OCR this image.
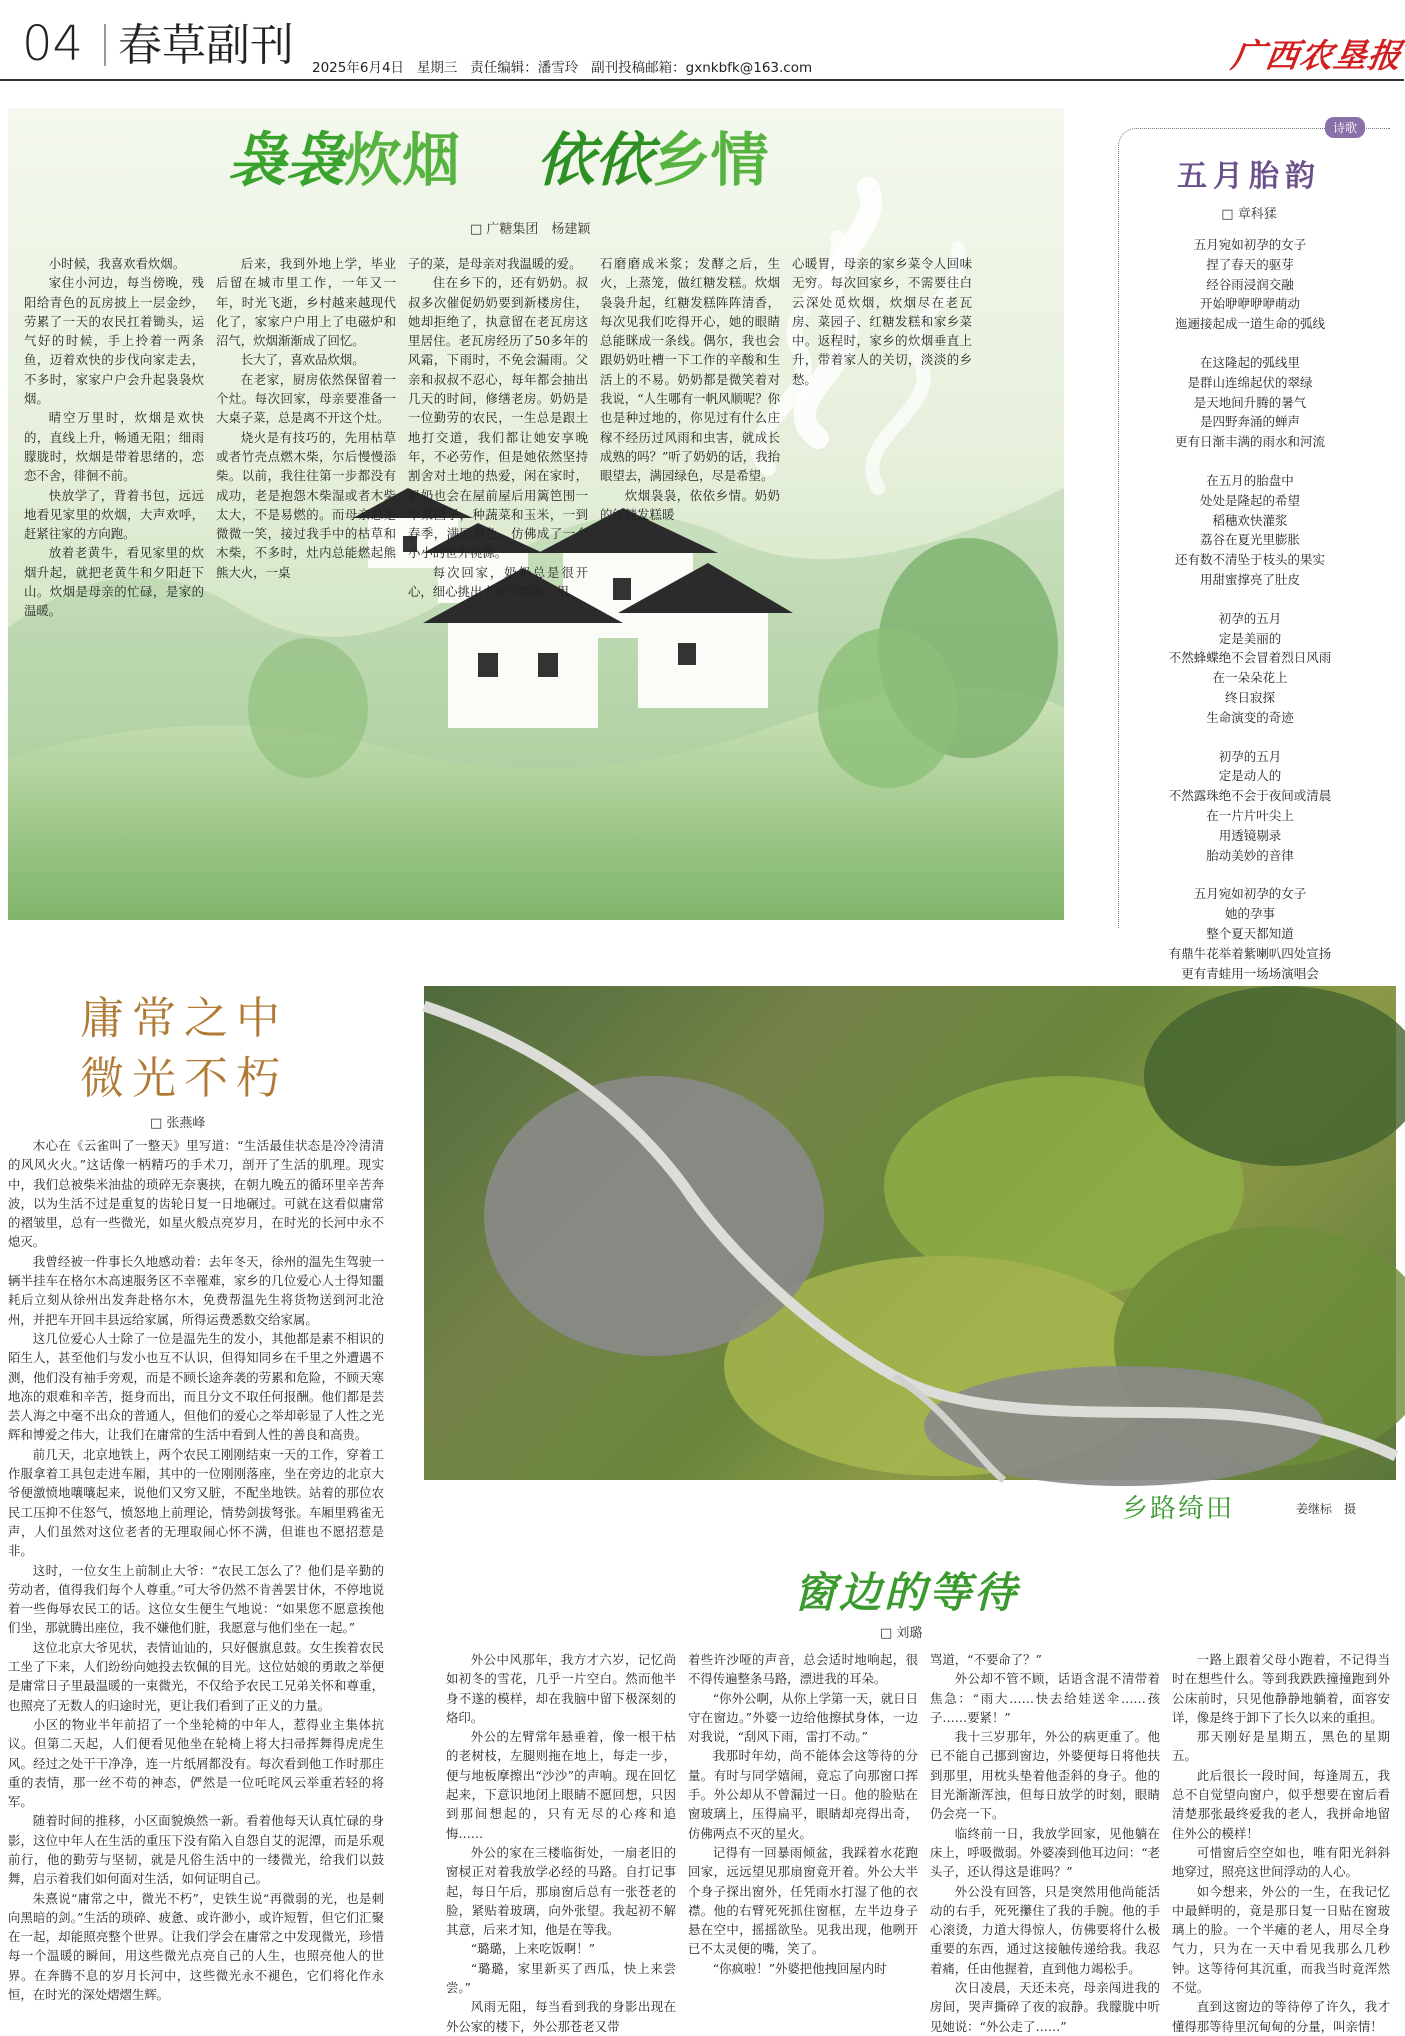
04 春草副刊 2025年6月4日 星期三 责任编辑：潘雪玲 副刊投稿邮箱：gxnkbfk@163.com	广西农垦报
袅袅炊烟 依依乡情
□ 广糖集团　杨建颖

小时候，我喜欢看炊烟。

家住小河边，每当傍晚，残阳给青色的瓦房披上一层金纱，劳累了一天的农民扛着锄头，运气好的时候，手上拎着一两条鱼，迈着欢快的步伐向家走去，不多时，家家户户会升起袅袅炊烟。

晴空万里时，炊烟是欢快的，直线上升，畅通无阻；细雨朦胧时，炊烟是带着思绪的，恋恋不舍，徘徊不前。

快放学了，背着书包，远远地看见家里的炊烟，大声欢呼，赶紧往家的方向跑。

放着老黄牛，看见家里的炊烟升起，就把老黄牛和夕阳赶下山。炊烟是母亲的忙碌，是家的温暖。

后来，我到外地上学，毕业后留在城市里工作，一年又一年，时光飞逝，乡村越来越现代化了，家家户户用上了电磁炉和沼气，炊烟渐渐成了回忆。

长大了，喜欢品炊烟。

在老家，厨房依然保留着一个灶。每次回家，母亲要准备一大桌子菜，总是离不开这个灶。

烧火是有技巧的，先用枯草或者竹壳点燃木柴，尔后慢慢添柴。以前，我往往第一步都没有成功，老是抱怨木柴湿或者木柴太大，不是易燃的。而母亲总是微微一笑，接过我手中的枯草和木柴，不多时，灶内总能燃起熊熊大火，一桌

子的菜，是母亲对我温暖的爱。

住在乡下的，还有奶奶。叔叔多次催促奶奶要到新楼房住，她却拒绝了，执意留在老瓦房这里居住。老瓦房经历了50多年的风霜，下雨时，不免会漏雨。父亲和叔叔不忍心，每年都会抽出几天的时间，修缮老房。奶奶是一位勤劳的农民，一生总是跟土地打交道，我们都让她安享晚年，不必劳作，但是她依然坚持割舍对土地的热爱，闲在家时，奶奶也会在屋前屋后用篱笆围一个菜园子，种蔬菜和玉米，一到春季，满园春色，仿佛成了一个小小的世外桃源。

每次回家，奶奶总是很开心，细心挑出上好的糯米，用

石磨磨成米浆；发酵之后，生火，上蒸笼，做红糖发糕。炊烟袅袅升起，红糖发糕阵阵清香，每次见我们吃得开心，她的眼睛总能眯成一条线。偶尔，我也会跟奶奶吐槽一下工作的辛酸和生活上的不易。奶奶都是微笑着对我说，“人生哪有一帆风顺呢？你也是种过地的，你见过有什么庄稼不经历过风雨和虫害，就成长成熟的吗？”听了奶奶的话，我抬眼望去，满园绿色，尽是希望。

炊烟袅袅，依依乡情。奶奶的红糖发糕暖

心暖胃，母亲的家乡菜令人回味无穷。每次回家乡，不需要往白云深处觅炊烟，炊烟尽在老瓦房、菜园子、红糖发糕和家乡菜中。返程时，家乡的炊烟垂直上升，带着家人的关切，淡淡的乡愁。

诗歌
五月胎韵
□ 章科猱

五月宛如初孕的女子

捏了春天的驱芽

经谷雨浸润交融

开始咿咿咿咿萌动

迤逦接起成一道生命的弧线

在这隆起的弧线里

是群山连绵起伏的翠绿

是天地间升腾的暑气

是四野奔涌的蝉声

更有日渐丰满的雨水和河流

在五月的胎盘中

处处是隆起的希望

稻穗欢快灌浆

荔谷在夏光里膨胀

还有数不清坠于枝头的果实

用甜蜜撑亮了肚皮

初孕的五月

定是美丽的

不然蜂蝶绝不会冒着烈日风雨

在一朵朵花上

终日寂探

生命演变的奇迹

初孕的五月

定是动人的

不然露珠绝不会于夜间或清晨

在一片片叶尖上

用透镜剔录

胎动美妙的音律

五月宛如初孕的女子

她的孕事

整个夏天都知道

有鼎牛花举着紫喇叭四处宣扬

更有青蛙用一场场演唱会

庸常之中
微光不朽
□ 张燕峰

木心在《云雀叫了一整天》里写道：“生活最佳状态是冷冷清清的风风火火。”这话像一柄精巧的手术刀，剖开了生活的肌理。现实中，我们总被柴米油盐的琐碎无奈裹挟，在朝九晚五的循环里辛苦奔波，以为生活不过是重复的齿轮日复一日地碾过。可就在这看似庸常的褶皱里，总有一些微光，如星火般点亮岁月，在时光的长河中永不熄灭。

我曾经被一件事长久地感动着：去年冬天，徐州的温先生驾驶一辆半挂车在格尔木高速服务区不幸罹难，家乡的几位爱心人士得知噩耗后立刻从徐州出发奔赴格尔木，免费帮温先生将货物送到河北沧州，并把车开回丰县远给家属，所得运费悉数交给家属。

这几位爱心人士除了一位是温先生的发小，其他都是素不相识的陌生人，甚至他们与发小也互不认识，但得知同乡在千里之外遭遇不测，他们没有袖手旁观，而是不顾长途奔袭的劳累和危险，不顾天寒地冻的艰难和辛苦，挺身而出，而且分文不取任何报酬。他们都是芸芸人海之中毫不出众的普通人，但他们的爱心之举却彰显了人性之光辉和博爱之伟大，让我们在庸常的生活中看到人性的善良和高贵。

前几天，北京地铁上，两个农民工刚刚结束一天的工作，穿着工作服拿着工具包走进车厢，其中的一位刚刚落座，坐在旁边的北京大爷便激愤地嚷嚷起来，说他们又穷又脏，不配坐地铁。站着的那位农民工压抑不住怒气，愤怒地上前理论，情势剑拔弩张。车厢里鸦雀无声，人们虽然对这位老者的无理取闹心怀不满，但谁也不愿招惹是非。

这时，一位女生上前制止大爷：“农民工怎么了？他们是辛勤的劳动者，值得我们每个人尊重。”可大爷仍然不肯善罢甘休，不停地说着一些侮辱农民工的话。这位女生便生气地说：“如果您不愿意挨他们坐，那就腾出座位，我不嫌他们脏，我愿意与他们坐在一起。”

这位北京大爷见状，表情讪讪的，只好偃旗息鼓。女生挨着农民工坐了下来，人们纷纷向她投去钦佩的目光。这位姑娘的勇敢之举便是庸常日子里最温暖的一束微光，不仅给予农民工兄弟关怀和尊重，也照亮了无数人的归途时光，更让我们看到了正义的力量。

小区的物业半年前招了一个坐轮椅的中年人，惹得业主集体抗议。但第二天起，人们便看见他坐在轮椅上将大扫帚挥舞得虎虎生风。经过之处干干净净，连一片纸屑都没有。每次看到他工作时那庄重的表情，那一丝不苟的神态，俨然是一位吒咤风云举重若轻的将军。

随着时间的推移，小区面貌焕然一新。看着他每天认真忙碌的身影，这位中年人在生活的重压下没有陷入自怨自艾的泥潭，而是乐观前行，他的勤劳与坚韧，就是凡俗生活中的一缕微光，给我们以鼓舞，启示着我们如何面对生活，如何证明自己。

朱熹说“庸常之中，微光不朽”，史铁生说“再微弱的光，也是刺向黑暗的剑。”生活的琐碎、疲惫、或许渺小，或许短暂，但它们汇聚在一起，却能照亮整个世界。让我们学会在庸常之中发现微光，珍惜每一个温暖的瞬间，用这些微光点亮自己的人生，也照亮他人的世界。在奔腾不息的岁月长河中，这些微光永不褪色，它们将化作永恒，在时光的深处熠熠生辉。

乡路绮田	姜继标　摄
窗边的等待
□ 刘璐

外公中风那年，我方才六岁，记忆尚如初冬的雪花，几乎一片空白。然而他半身不遂的模样，却在我脑中留下极深刻的烙印。

外公的左臂常年悬垂着，像一根干枯的老树枝，左腿则拖在地上，每走一步，便与地板摩擦出“沙沙”的声响。现在回忆起来，下意识地闭上眼睛不愿回想，只因到那间想起的，只有无尽的心疼和追悔……

外公的家在三楼临街处，一扇老旧的窗棂正对着我放学必经的马路。自打记事起，每日午后，那扇窗后总有一张苍老的脸，紧贴着玻璃，向外张望。我起初不解其意，后来才知，他是在等我。

“璐璐，上来吃饭啊！”

“璐璐，家里新买了西瓜，快上来尝尝。”

风雨无阻，每当看到我的身影出现在外公家的楼下，外公那苍老又带

着些许沙哑的声音，总会适时地响起，很不得传遍整条马路，漂进我的耳朵。

“你外公啊，从你上学第一天，就日日守在窗边。”外婆一边给他擦拭身体，一边对我说，“刮风下雨，雷打不动。”

我那时年幼，尚不能体会这等待的分量。有时与同学嬉闹，竟忘了向那窗口挥手。外公却从不曾漏过一日。他的脸贴在窗玻璃上，压得扁平，眼睛却亮得出奇，仿佛两点不灭的星火。

记得有一回暴雨倾盆，我踩着水花跑回家，远远望见那扇窗竟开着。外公大半个身子探出窗外，任凭雨水打湿了他的衣襟。他的右臂死死抓住窗框，左半边身子悬在空中，摇摇欲坠。见我出现，他咧开已不太灵便的嘴，笑了。

“你疯啦！”外婆把他拽回屋内时

骂道，“不要命了？”

外公却不管不顾，话语含混不清带着焦急：“雨大……快去给娃送伞……孩子……要紧！”

我十三岁那年，外公的病更重了。他已不能自己挪到窗边，外婆便每日将他扶到那里，用枕头垫着他歪斜的身子。他的目光渐渐浑浊，但每日放学的时刻，眼睛仍会亮一下。

临终前一日，我放学回家，见他躺在床上，呼吸微弱。外婆凑到他耳边问：“老头子，还认得这是谁吗？”

外公没有回答，只是突然用他尚能活动的右手，死死攥住了我的手腕。他的手心滚烫，力道大得惊人，仿佛要将什么极重要的东西，通过这接触传递给我。我忍着痛，任由他握着，直到他力竭松手。

次日凌晨，天还未亮，母亲闯进我的房间，哭声撕碎了夜的寂静。我朦胧中听见她说：“外公走了……”

一路上跟着父母小跑着，不记得当时在想些什么。等到我跌跌撞撞跑到外公床前时，只见他静静地躺着，面容安详，像是终于卸下了长久以来的重担。

那天刚好是星期五，黑色的星期五。

此后很长一段时间，每逢周五，我总不自觉望向窗户，似乎想要在窗后看清楚那张最终爱我的老人，我拼命地留住外公的模样！

可惜窗后空空如也，唯有阳光斜斜地穿过，照亮这世间浮动的人心。

如今想来，外公的一生，在我记忆中最鲜明的，竟是那日复一日贴在窗玻璃上的脸。一个半瘫的老人，用尽全身气力，只为在一天中看见我那么几秒钟。这等待何其沉重，而我当时竟浑然不觉。

直到这窗边的等待停了许久，我才懂得那等待里沉甸甸的分量，叫亲情！
